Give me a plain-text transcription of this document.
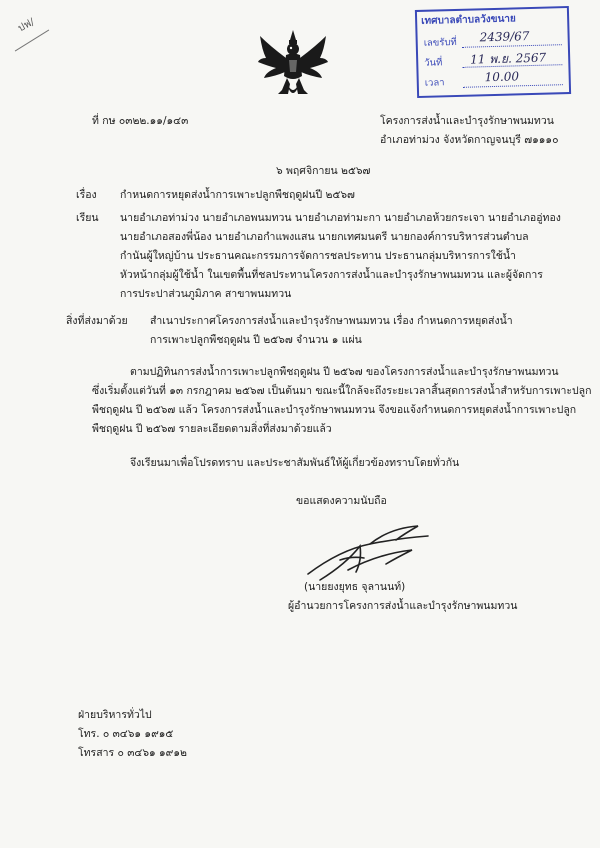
ปฟ/	เทศบาลตำบลวังขนาย
เลขรับที่ 2439/67
วันที่ 11 พ.ย. 2567
เวลา	10.00
ที่ กษ ๐๓๒๒.๑๑/๑๔๓	โครงการส่งน้ำและบำรุงรักษาพนมทวน
อำเภอท่าม่วง จังหวัดกาญจนบุรี ๗๑๑๑๐
๖ พฤศจิกายน ๒๕๖๗
เรื่อง กำหนดการหยุดส่งน้ำการเพาะปลูกพืชฤดูฝนปี ๒๕๖๗
เรียน นายอำเภอท่าม่วง นายอำเภอพนมทวน นายอำเภอท่ามะกา นายอำเภอห้วยกระเจา นายอำเภออู่ทอง
นายอำเภอสองพี่น้อง นายอำเภอกำแพงแสน นายกเทศมนตรี นายกองค์การบริหารส่วนตำบล
กำนันผู้ใหญ่บ้าน ประธานคณะกรรมการจัดการชลประทาน ประธานกลุ่มบริหารการใช้น้ำ
หัวหน้ากลุ่มผู้ใช้น้ำ ในเขตพื้นที่ชลประทานโครงการส่งน้ำและบำรุงรักษาพนมทวน และผู้จัดการ
การประปาส่วนภูมิภาค สาขาพนมทวน
สิ่งที่ส่งมาด้วย สำเนาประกาศโครงการส่งน้ำและบำรุงรักษาพนมทวน เรื่อง กำหนดการหยุดส่งน้ำ
การเพาะปลูกพืชฤดูฝน ปี ๒๕๖๗ จำนวน ๑ แผ่น
ตามปฏิทินการส่งน้ำการเพาะปลูกพืชฤดูฝน ปี ๒๕๖๗ ของโครงการส่งน้ำและบำรุงรักษาพนมทวน
ซึ่งเริ่มตั้งแต่วันที่ ๑๓ กรกฎาคม ๒๕๖๗ เป็นต้นมา ขณะนี้ใกล้จะถึงระยะเวลาสิ้นสุดการส่งน้ำสำหรับการเพาะปลูก
พืชฤดูฝน ปี ๒๕๖๗ แล้ว โครงการส่งน้ำและบำรุงรักษาพนมทวน จึงขอแจ้งกำหนดการหยุดส่งน้ำการเพาะปลูก
พืชฤดูฝน ปี ๒๕๖๗ รายละเอียดตามสิ่งที่ส่งมาด้วยแล้ว
จึงเรียนมาเพื่อโปรดทราบ และประชาสัมพันธ์ให้ผู้เกี่ยวข้องทราบโดยทั่วกัน
ขอแสดงความนับถือ
(นายยงยุทธ จุลานนท์)
ผู้อำนวยการโครงการส่งน้ำและบำรุงรักษาพนมทวน
ฝ่ายบริหารทั่วไป
โทร. ๐ ๓๔๖๑ ๑๙๑๕
โทรสาร ๐ ๓๔๖๑ ๑๙๑๒
